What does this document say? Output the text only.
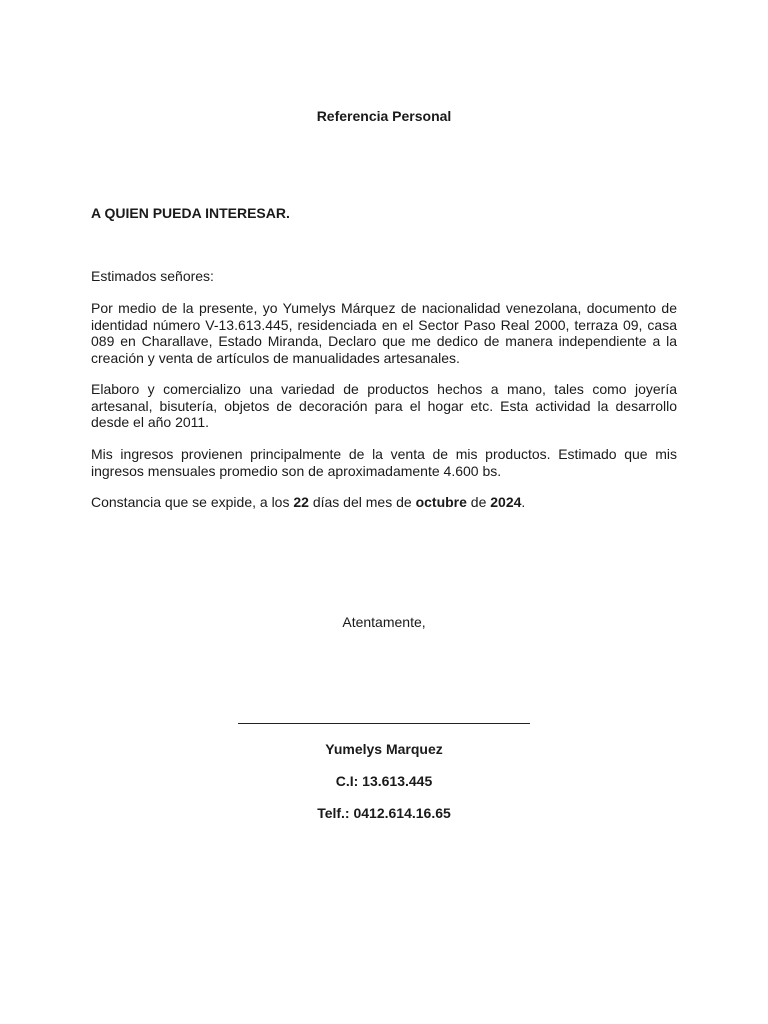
Referencia Personal
A QUIEN PUEDA INTERESAR.
Estimados señores:

Por medio de la presente, yo Yumelys Márquez de nacionalidad venezolana, documento de identidad número V-13.613.445, residenciada en el Sector Paso Real 2000, terraza 09, casa 089 en Charallave, Estado Miranda, Declaro que me dedico de manera independiente a la creación y venta de artículos de manualidades artesanales.

Elaboro y comercializo una variedad de productos hechos a mano, tales como joyería artesanal, bisutería, objetos de decoración para el hogar etc. Esta actividad la desarrollo desde el año 2011.

Mis ingresos provienen principalmente de la venta de mis productos. Estimado que mis ingresos mensuales promedio son de aproximadamente 4.600 bs.

Constancia que se expide, a los 22 días del mes de octubre de 2024.

Atentamente,
Yumelys Marquez
C.I: 13.613.445
Telf.: 0412.614.16.65
